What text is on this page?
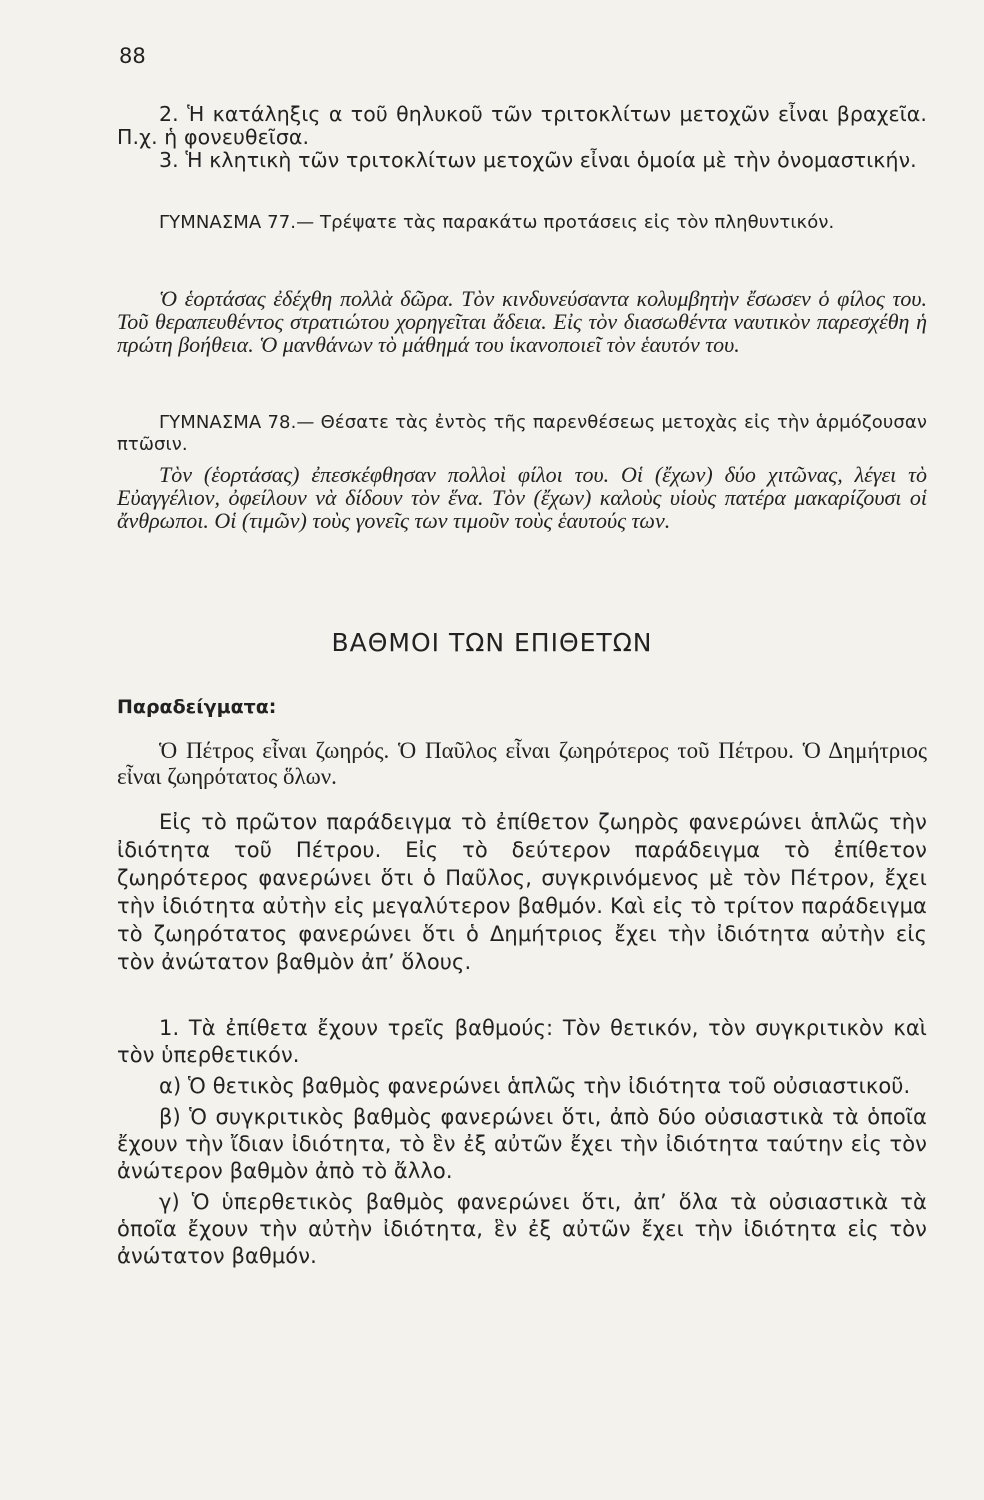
88

2. Ἡ κατάληξις α τοῦ θηλυκοῦ τῶν τριτοκλίτων μετοχῶν εἶναι βραχεῖα. Π.χ. ἡ φονευθεῖσα.

3. Ἡ κλητικὴ τῶν τριτοκλίτων μετοχῶν εἶναι ὁμοία μὲ τὴν ὀνομαστικήν.

ΓΥΜΝΑΣΜΑ 77.— Τρέψατε τὰς παρακάτω προτάσεις εἰς τὸν πληθυντικόν.

Ὁ ἑορτάσας ἐδέχθη πολλὰ δῶρα. Τὸν κινδυνεύσαντα κολυμβητὴν ἔσωσεν ὁ φίλος του. Τοῦ θεραπευθέντος στρατιώτου χορηγεῖται ἄδεια. Εἰς τὸν διασωθέντα ναυτικὸν παρεσχέθη ἡ πρώτη βοήθεια. Ὁ μανθάνων τὸ μάθημά του ἱκανοποιεῖ τὸν ἑαυτόν του.

ΓΥΜΝΑΣΜΑ 78.— Θέσατε τὰς ἐντὸς τῆς παρενθέσεως μετοχὰς εἰς τὴν ἁρμόζουσαν πτῶσιν.

Τὸν (ἑορτάσας) ἐπεσκέφθησαν πολλοὶ φίλοι του. Οἱ (ἔχων) δύο χιτῶνας, λέγει τὸ Εὐαγγέλιον, ὀφείλουν νὰ δίδουν τὸν ἕνα. Τὸν (ἔχων) καλοὺς υἱοὺς πατέρα μακαρίζουσι οἱ ἄνθρωποι. Οἱ (τιμῶν) τοὺς γονεῖς των τιμοῦν τοὺς ἑαυτούς των.

ΒΑΘΜΟΙ ΤΩΝ ΕΠΙΘΕΤΩΝ
Παραδείγματα:

Ὁ Πέτρος εἶναι ζωηρός. Ὁ Παῦλος εἶναι ζωηρότερος τοῦ Πέτρου. Ὁ Δημήτριος εἶναι ζωηρότατος ὅλων.

Εἰς τὸ πρῶτον παράδειγμα τὸ ἐπίθετον ζωηρὸς φανερώνει ἁπλῶς τὴν ἰδιότητα τοῦ Πέτρου. Εἰς τὸ δεύτερον παράδειγμα τὸ ἐπίθετον ζωηρότερος φανερώνει ὅτι ὁ Παῦλος, συγκρινόμενος μὲ τὸν Πέτρον, ἔχει τὴν ἰδιότητα αὐτὴν εἰς μεγαλύτερον βαθμόν. Καὶ εἰς τὸ τρίτον παράδειγμα τὸ ζωηρότατος φανερώνει ὅτι ὁ Δημήτριος ἔχει τὴν ἰδιότητα αὐτὴν εἰς τὸν ἀνώτατον βαθμὸν ἀπ’ ὅλους.

1. Τὰ ἐπίθετα ἔχουν τρεῖς βαθμούς: Τὸν θετικόν, τὸν συγκριτικὸν καὶ τὸν ὑπερθετικόν.

α) Ὁ θετικὸς βαθμὸς φανερώνει ἁπλῶς τὴν ἰδιότητα τοῦ οὐσιαστικοῦ.

β) Ὁ συγκριτικὸς βαθμὸς φανερώνει ὅτι, ἀπὸ δύο οὐσιαστικὰ τὰ ὁποῖα ἔχουν τὴν ἴδιαν ἰδιότητα, τὸ ἓν ἐξ αὐτῶν ἔχει τὴν ἰδιότητα ταύτην εἰς τὸν ἀνώτερον βαθμὸν ἀπὸ τὸ ἄλλο.

γ) Ὁ ὑπερθετικὸς βαθμὸς φανερώνει ὅτι, ἀπ’ ὅλα τὰ οὐσιαστικὰ τὰ ὁποῖα ἔχουν τὴν αὐτὴν ἰδιότητα, ἓν ἐξ αὐτῶν ἔχει τὴν ἰδιότητα εἰς τὸν ἀνώτατον βαθμόν.
